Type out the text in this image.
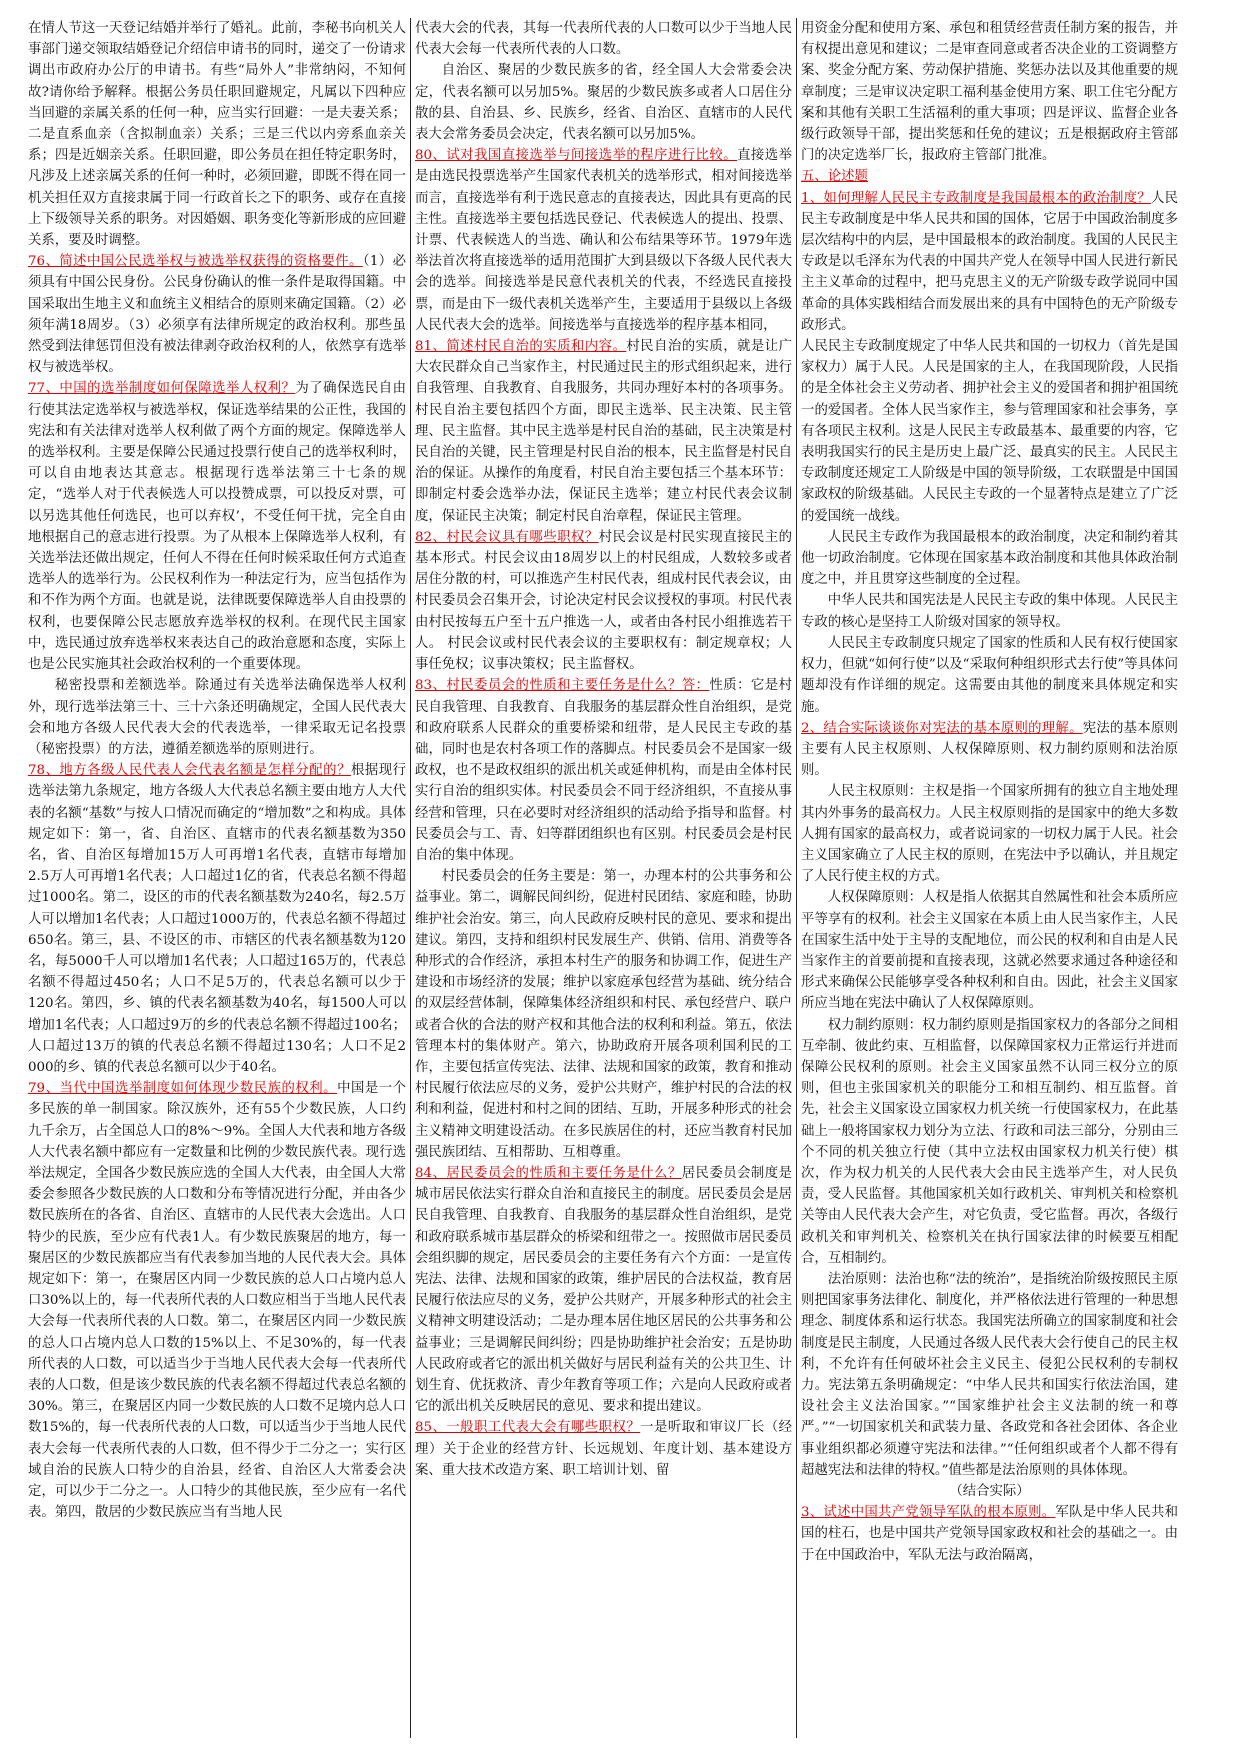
在情人节这一天登记结婚并举行了婚礼。此前，李秘书向机关人事部门递交领取结婚登记介绍信申请书的同时，递交了一份请求调出市政府办公厅的申请书。有些“局外人”非常纳闷，不知何故?请你给予解释。根据公务员任职回避规定，凡属以下四种应当回避的亲属关系的任何一种，应当实行回避：一是夫妻关系；二是直系血亲（含拟制血亲）关系；三是三代以内旁系血亲关系；四是近姻亲关系。任职回避，即公务员在担任特定职务时，凡涉及上述亲属关系的任何一种时，必须回避，即既不得在同一机关担任双方直接隶属于同一行政首长之下的职务、或存在直接上下级领导关系的职务。对因婚姻、职务变化等新形成的应回避关系，要及时调整。

76、简述中国公民选举权与被选举权获得的资格要件。（1）必须具有中国公民身份。公民身份确认的惟一条件是取得国籍。中国采取出生地主义和血统主义相结合的原则来确定国籍。（2）必须年满18周岁。（3）必须享有法律所规定的政治权利。那些虽然受到法律惩罚但没有被法律剥夺政治权利的人，依然享有选举权与被选举权。

77、中国的选举制度如何保障选举人权利？为了确保选民自由行使其法定选举权与被选举权，保证选举结果的公正性，我国的宪法和有关法律对选举人权利做了两个方面的规定。保障选举人的选举权利。主要是保障公民通过投票行使自己的选举权利时，可以自由地表达其意志。根据现行选举法第三十七条的规定，“选举人对于代表候选人可以投赞成票，可以投反对票，可以另选其他任何选民，也可以弃权’，不受任何干扰，完全自由地根据自己的意志进行投票。为了从根本上保障选举人权利，有关选举法还做出规定，任何人不得在任何时候采取任何方式追查选举人的选举行为。公民权利作为一种法定行为，应当包括作为和不作为两个方面。也就是说，法律既要保障选举人自由投票的权利，也要保障公民志愿放弃选举权的权利。在现代民主国家中，选民通过放弃选举权来表达自己的政治意愿和态度，实际上也是公民实施其社会政治权利的一个重要体现。

秘密投票和差额选举。除通过有关选举法确保选举人权利外，现行选举法第三十、三十六条还明确规定，全国人民代表大会和地方各级人民代表大会的代表选举，一律采取无记名投票（秘密投票）的方法，遵循差额选举的原则进行。

78、地方各级人民代表人会代表名额是怎样分配的？根据现行选举法第九条规定，地方各级人大代表总名额主要由地方人大代表的名额“基数”与按人口情况而确定的“增加数”之和构成。具体规定如下：第一，省、自治区、直辖市的代表名额基数为350名，省、自治区每增加15万人可再增1名代表，直辖市每增加2.5万人可再增1名代表；人口超过1亿的省，代表总名额不得超过1000名。第二，设区的市的代表名额基数为240名，每2.5万人可以增加1名代表；人口超过1000万的，代表总名额不得超过650名。第三，县、不设区的市、市辖区的代表名额基数为120名，每5000千人可以增加1名代表；人口超过165万的，代表总名额不得超过450名；人口不足5万的，代表总名额可以少于120名。第四，乡、镇的代表名额基数为40名，每1500人可以增加1名代表；人口超过9万的乡的代表总名额不得超过100名；人口超过13万的镇的代表总名额不得超过130名；人口不足2 000的乡、镇的代表总名额可以少于40名。

79、当代中国选举制度如何体现少数民族的权利。中国是一个多民族的单一制国家。除汉族外，还有55个少数民族，人口约九千余万，占全国总人口的8%～9%。全国人大代表和地方各级人大代表名额中都应有一定数量和比例的少数民族代表。现行选举法规定，全国各少数民族应选的全国人大代表，由全国人大常委会参照各少数民族的人口数和分布等情况进行分配，并由各少数民族所在的各省、自治区、直辖市的人民代表大会选出。人口特少的民族，至少应有代表1人。有少数民族聚居的地方，每一聚居区的少数民族都应当有代表参加当地的人民代表大会。具体规定如下：第一，在聚居区内同一少数民族的总人口占境内总人口30%以上的，每一代表所代表的人口数应相当于当地人民代表大会每一代表所代表的人口数。第二，在聚居区内同一少数民族的总人口占境内总人口数的15%以上、不足30%的，每一代表所代表的人口数，可以适当少于当地人民代表大会每一代表所代表的人口数，但是该少数民族的代表名额不得超过代表总名额的30%。第三，在聚居区内同一少数民族的人口数不足境内总人口数15%的，每一代表所代表的人口数，可以适当少于当地人民代表大会每一代表所代表的人口数，但不得少于二分之一；实行区域自治的民族人口特少的自治县，经省、自治区人大常委会决定，可以少于二分之一。人口特少的其他民族，至少应有一名代表。第四，散居的少数民族应当有当地人民

代表大会的代表，其每一代表所代表的人口数可以少于当地人民代表大会每一代表所代表的人口数。

自治区、聚居的少数民族多的省，经全国人大会常委会决定，代表名额可以另加5%。聚居的少数民族多或者人口居住分散的县、自治县、乡、民族乡，经省、自治区、直辖市的人民代表大会常务委员会决定，代表名额可以另加5%。

80、试对我国直接选举与间接选举的程序进行比较。直接选举是由选民投票选举产生国家代表机关的选举形式，相对间接选举而言，直接选举有利于选民意志的直接表达，因此具有更高的民主性。直接选举主要包括选民登记、代表候选人的提出、投票、计票、代表候选人的当选、确认和公布结果等环节。1979年选举法首次将直接选举的适用范围扩大到县级以下各级人民代表大会的选举。间接选举是民意代表机关的代表，不经选民直接投票，而是由下一级代表机关选举产生，主要适用于县级以上各级人民代表大会的选举。间接选举与直接选举的程序基本相同，

81、简述村民自治的实质和内容。村民自治的实质，就是让广大农民群众自己当家作主，村民通过民主的形式组织起来，进行自我管理、自我教育、自我服务，共同办理好本村的各项事务。村民自治主要包括四个方面，即民主选举、民主决策、民主管理、民主监督。其中民主选举是村民自治的基础，民主决策是村民自治的关键，民主管理是村民自治的根本，民主监督是村民自治的保证。从操作的角度看，村民自治主要包括三个基本环节：即制定村委会选举办法，保证民主选举；建立村民代表会议制度，保证民主决策；制定村民自治章程，保证民主管理。

82、村民会议具有哪些职权？村民会议是村民实现直接民主的基本形式。村民会议由18周岁以上的村民组成，人数较多或者居住分散的村，可以推选产生村民代表，组成村民代表会议，由村民委员会召集开会，讨论决定村民会议授权的事项。村民代表由村民按每五户至十五户推选一人，或者由各村民小组推选若干人。 村民会议或村民代表会议的主要职权有：制定规章权；人事任免权；议事决策权；民主监督权。

83、村民委员会的性质和主要任务是什么？答：性质：它是村民自我管理、自我教育、自我服务的基层群众性自治组织，是党和政府联系人民群众的重要桥梁和纽带，是人民民主专政的基础，同时也是农村各项工作的落脚点。村民委员会不是国家一级政权，也不是政权组织的派出机关或延伸机构，而是由全体村民实行自治的组织实体。村民委员会不同于经济组织，不直接从事经营和管理，只在必要时对经济组织的活动给予指导和监督。村民委员会与工、青、妇等群团组织也有区别。村民委员会是村民自治的集中体现。

村民委员会的任务主要是：第一，办理本村的公共事务和公益事业。第二，调解民间纠纷，促进村民团结、家庭和睦，协助维护社会治安。第三，向人民政府反映村民的意见、要求和提出建议。第四，支持和组织村民发展生产、供销、信用、消费等各种形式的合作经济，承担本村生产的服务和协调工作，促进生产建设和市场经济的发展；维护以家庭承包经营为基础、统分结合的双层经营体制，保障集体经济组织和村民、承包经营户、联户或者合伙的合法的财产权和其他合法的权利和利益。第五，依法管理本村的集体财产。第六，协助政府开展各项利国利民的工作，主要包括宣传宪法、法律、法规和国家的政策，教育和推动村民履行依法应尽的义务，爱护公共财产，维护村民的合法的权利和利益，促进村和村之间的团结、互助，开展多种形式的社会主义精神文明建设活动。在多民族居住的村，还应当教育村民加强民族团结、互相帮助、互相尊重。

84、居民委员会的性质和主要任务是什么？居民委员会制度是城市居民依法实行群众自治和直接民主的制度。居民委员会是居民自我管理、自我教育、自我服务的基层群众性自治组织，是党和政府联系城市基层群众的桥梁和纽带之一。按照做市居民委员会组织脚的规定，居民委员会的主要任务有六个方面：一是宣传宪法、法律、法规和国家的政策，维护居民的合法权益，教育居民履行依法应尽的义务，爱护公共财产，开展多种形式的社会主义精神文明建设活动；二是办理本居住地区居民的公共事务和公益事业；三是调解民间纠纷；四是协助维护社会治安；五是协助人民政府或者它的派出机关做好与居民利益有关的公共卫生、计划生育、优抚救济、青少年教育等项工作；六是向人民政府或者它的派出机关反映居民的意见、要求和提出建议。

85、一般职工代表大会有哪些职权？一是听取和审议厂长（经理）关于企业的经营方针、长远规划、年度计划、基本建设方案、重大技术改造方案、职工培训计划、留

用资金分配和使用方案、承包和租赁经营责任制方案的报告，并有权提出意见和建议；二是审查同意或者否决企业的工资调整方案、奖金分配方案、劳动保护措施、奖惩办法以及其他重要的规章制度；三是审议决定职工福利基金使用方案、职工住宅分配方案和其他有关职工生活福利的重大事项；四是评议、监督企业各级行政领导干部，提出奖惩和任免的建议；五是根据政府主管部门的决定选举厂长，报政府主管部门批准。

五、论述题

1、如何理解人民民主专政制度是我国最根本的政治制度？人民民主专政制度是中华人民共和国的国体，它居于中国政治制度多层次结构中的内层，是中国最根本的政治制度。我国的人民民主专政是以毛泽东为代表的中国共产党人在领导中国人民进行新民主主义革命的过程中，把马克思主义的无产阶级专政学说同中国革命的具体实践相结合而发展出来的具有中国特色的无产阶级专政形式。

人民民主专政制度规定了中华人民共和国的一切权力（首先是国家权力）属于人民。人民是国家的主人，在我国现阶段，人民指的是全体社会主义劳动者、拥护社会主义的爱国者和拥护祖国统一的爱国者。全体人民当家作主，参与管理国家和社会事务，享有各项民主权利。这是人民民主专政最基本、最重要的内容，它表明我国实行的民主是历史上最广泛、最真实的民主。人民民主专政制度还规定工人阶级是中国的领导阶级，工农联盟是中国国家政权的阶级基础。人民民主专政的一个显著特点是建立了广泛的爱国统一战线。

人民民主专政作为我国最根本的政治制度，决定和制约着其他一切政治制度。它体现在国家基本政治制度和其他具体政治制度之中，并且贯穿这些制度的全过程。

中华人民共和国宪法是人民民主专政的集中体现。人民民主专政的核心是坚持工人阶级对国家的领导权。

人民民主专政制度只规定了国家的性质和人民有权行使国家权力，但就“如何行使”以及“采取何种组织形式去行使”等具体问题却没有作详细的规定。这需要由其他的制度来具体规定和实施。

2、结合实际谈谈你对宪法的基本原则的理解。宪法的基本原则主要有人民主权原则、人权保障原则、权力制约原则和法治原则。

人民主权原则：主权是指一个国家所拥有的独立自主地处理其内外事务的最高权力。人民主权原则指的是国家中的绝大多数人拥有国家的最高权力，或者说词家的一切权力属于人民。社会主义国家确立了人民主权的原则，在宪法中予以确认，并且规定了人民行使主权的方式。

人权保障原则：人权是指人依据其自然属性和社会本质所应平等享有的权利。社会主义国家在本质上由人民当家作主，人民在国家生活中处于主导的支配地位，而公民的权利和自由是人民当家作主的首要前提和直接表现，这就必然要求通过各种途径和形式来确保公民能够享受各种权利和自由。因此，社会主义国家所应当地在宪法中确认了人权保障原则。

权力制约原则：权力制约原则是指国家权力的各部分之间相互牵制、彼此约束、互相监督，以保障国家权力正常运行并进而保障公民权利的原则。社会主义国家虽然不认同三权分立的原则，但也主张国家机关的职能分工和相互制约、相互监督。首先，社会主义国家设立国家权力机关统一行使国家权力，在此基础上一般将国家权力划分为立法、行政和司法三部分，分别由三个不同的机关独立行使（其中立法权由国家权力机关行使）棋次，作为权力机关的人民代表大会由民主选举产生，对人民负责，受人民监督。其他国家机关如行政机关、审判机关和检察机关等由人民代表大会产生，对它负责，受它监督。再次，各级行政机关和审判机关、检察机关在执行国家法律的时候要互相配合，互相制约。

法治原则：法治也称“法的统治”，是指统治阶级按照民主原则把国家事务法律化、制度化，并严格依法进行管理的一种思想理念、制度体系和运行状态。我国宪法所确立的国家制度和社会制度是民主制度，人民通过各级人民代表大会行使自己的民主权利，不允许有任何破坏社会主义民主、侵犯公民权利的专制权力。宪法第五条明确规定：“中华人民共和国实行依法治国，建设社会主义法治国家。”“国家维护社会主义法制的统一和尊严。”“一切国家机关和武装力量、各政党和各社会团体、各企业事业组织都必须遵守宪法和法律。”“任何组织或者个人都不得有超越宪法和法律的特权。”值些都是法治原则的具体体现。

（结合实际）

3、试述中国共产党领导军队的根本原则。军队是中华人民共和国的柱石，也是中国共产党领导国家政权和社会的基础之一。由于在中国政治中，军队无法与政治隔离，
